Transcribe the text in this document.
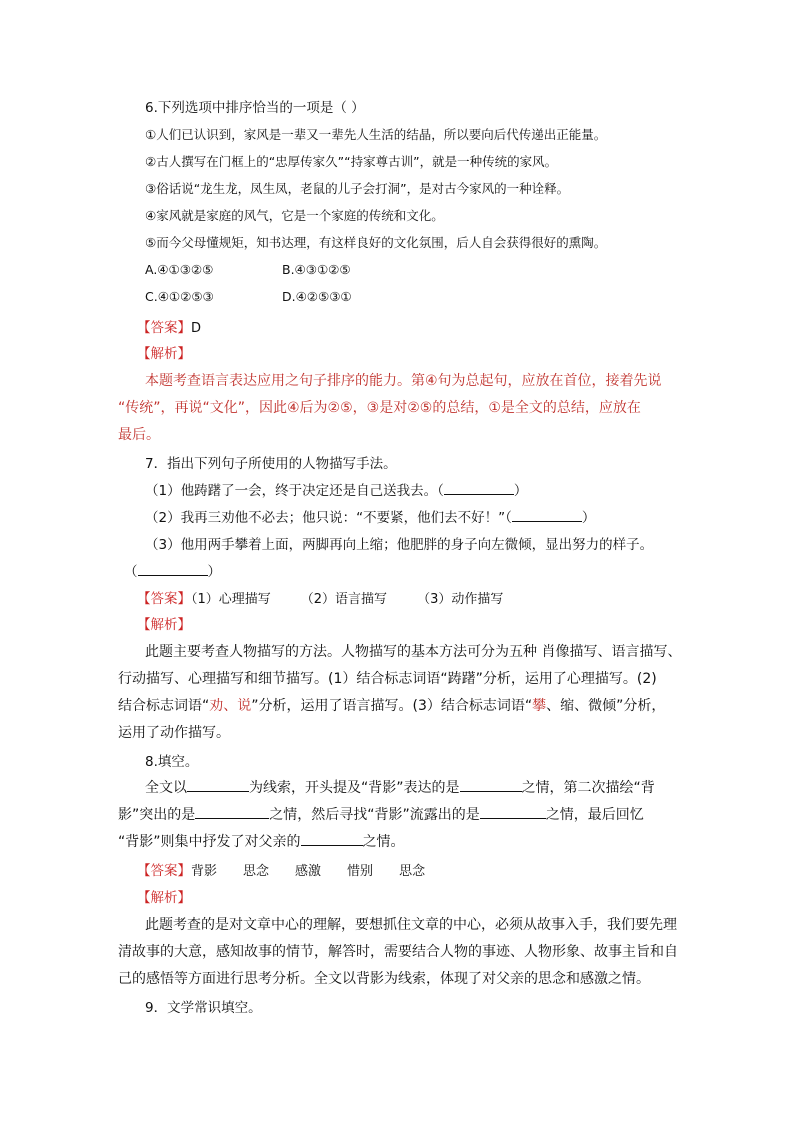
6.下列选项中排序恰当的一项是（ ）
①人们已认识到，家风是一辈又一辈先人生活的结晶，所以要向后代传递出正能量。
②古人撰写在门框上的“忠厚传家久”“持家尊古训”，就是一种传统的家风。
③俗话说“龙生龙，凤生凤，老鼠的儿子会打洞”，是对古今家风的一种诠释。
④家风就是家庭的风气，它是一个家庭的传统和文化。
⑤而今父母懂规矩，知书达理，有这样良好的文化氛围，后人自会获得很好的熏陶。
A.④①③②⑤	B.④③①②⑤
C.④①②⑤③	D.④②⑤③①
【答案】D
【解析】
本题考查语言表达应用之句子排序的能力。第④句为总起句，应放在首位，接着先说
“传统”，再说“文化”，因此④后为②⑤，③是对②⑤的总结，①是全文的总结，应放在
最后。
7．指出下列句子所使用的人物描写手法。
（1）他踌躇了一会，终于决定还是自己送我去。（	）
（2）我再三劝他不必去；他只说：“不要紧，他们去不好！”（	）
（3）他用两手攀着上面，两脚再向上缩；他肥胖的身子向左微倾，显出努力的样子。
（	）
【答案】（1）心理描写 （2）语言描写 （3）动作描写
【解析】
此题主要考查人物描写的方法。人物描写的基本方法可分为五种 肖像描写、语言描写、
行动描写、心理描写和细节描写。(1）结合标志词语“踌躇”分析，运用了心理描写。(2)
结合标志词语“劝、说”分析，运用了语言描写。(3）结合标志词语“攀、缩、微倾”分析，
运用了动作描写。
8.填空。
全文以	为线索，开头提及“背影”表达的是	之情，第二次描绘“背
影”突出的是	之情，然后寻找“背影”流露出的是	之情，最后回忆
“背影”则集中抒发了对父亲的	之情。
【答案】背影 思念 感激 惜别 思念
【解析】
此题考查的是对文章中心的理解，要想抓住文章的中心，必须从故事入手，我们要先理
清故事的大意，感知故事的情节，解答时，需要结合人物的事迹、人物形象、故事主旨和自
己的感悟等方面进行思考分析。全文以背影为线索，体现了对父亲的思念和感激之情。
9．文学常识填空。
